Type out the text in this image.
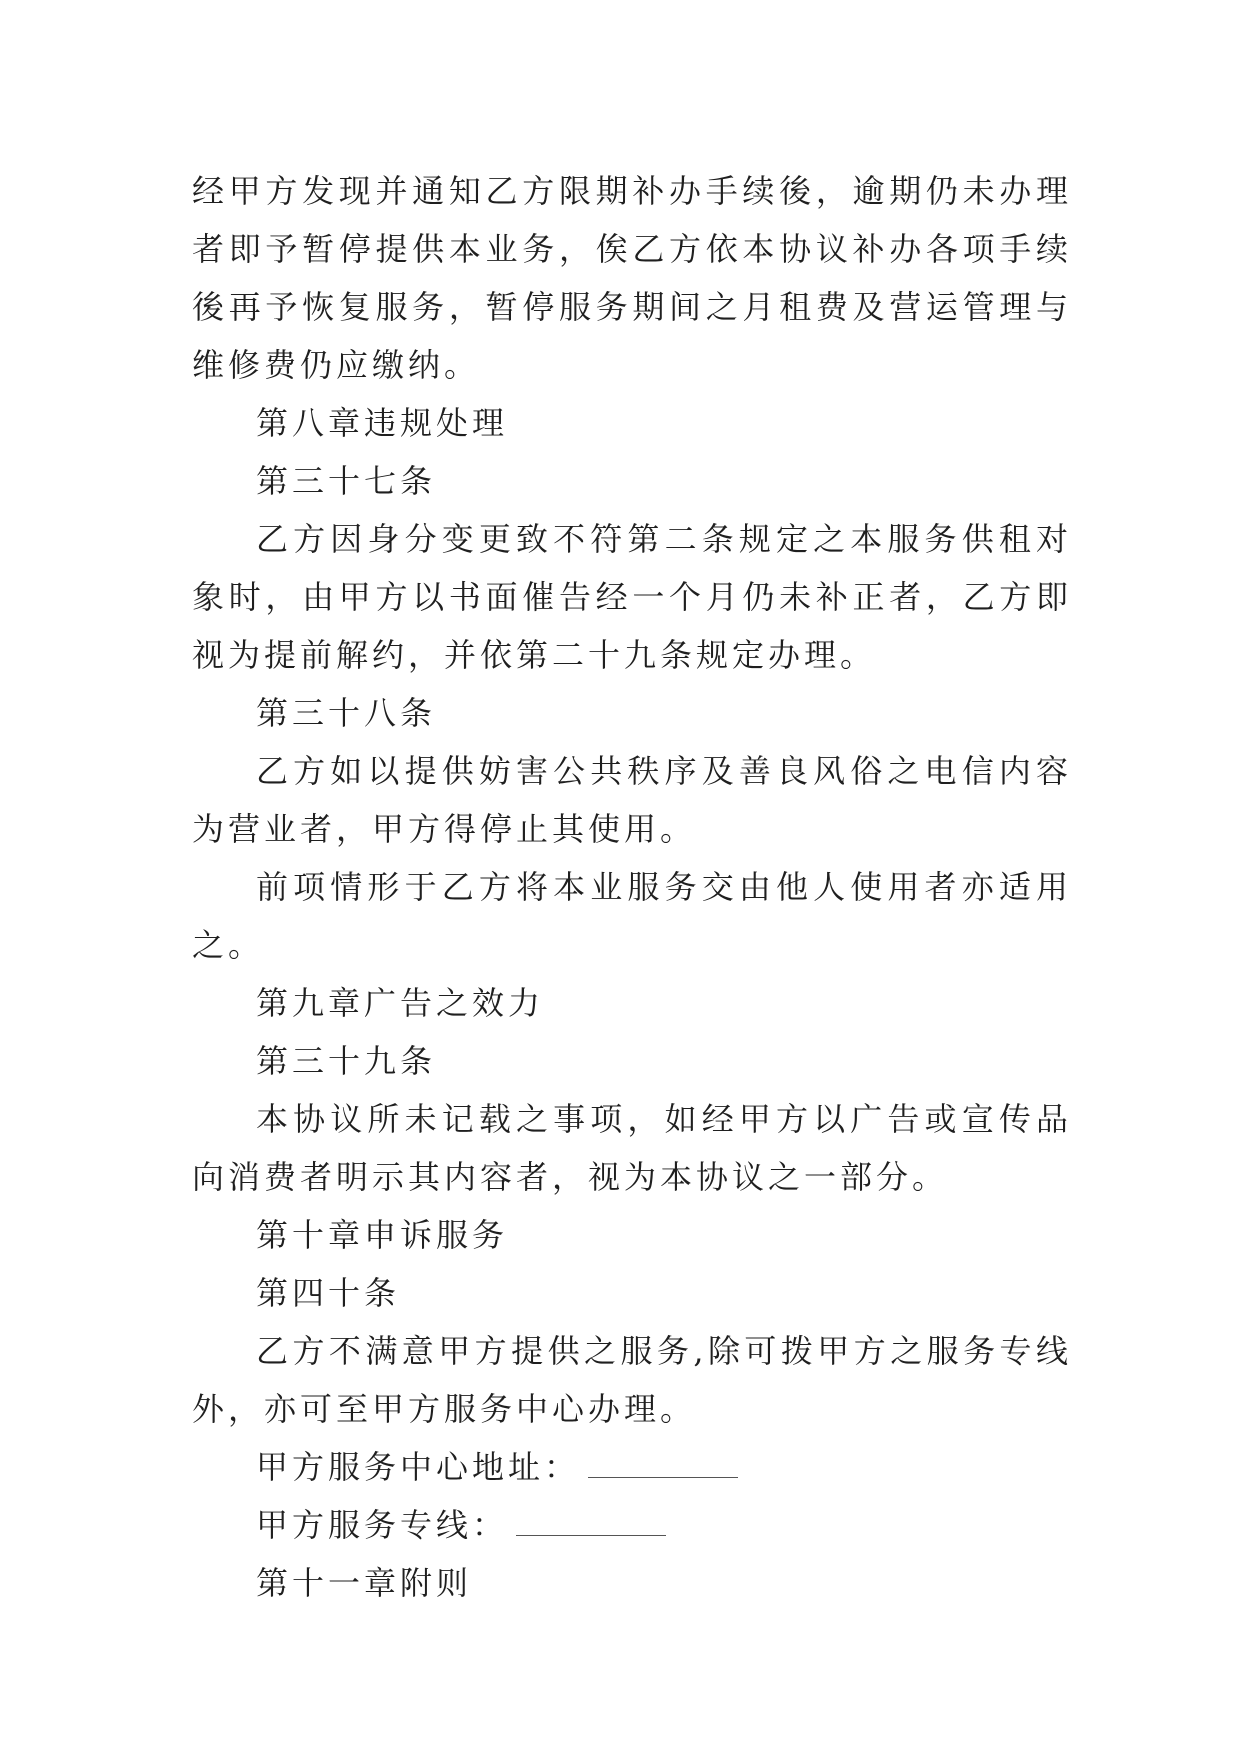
经甲方发现并通知乙方限期补办手续後，逾期仍未办理者即予暂停提供本业务，俟乙方依本协议补办各项手续後再予恢复服务，暂停服务期间之月租费及营运管理与维修费仍应缴纳。

第八章违规处理

第三十七条

乙方因身分变更致不符第二条规定之本服务供租对象时，由甲方以书面催告经一个月仍未补正者，乙方即视为提前解约，并依第二十九条规定办理。

第三十八条

乙方如以提供妨害公共秩序及善良风俗之电信内容为营业者，甲方得停止其使用。

前项情形于乙方将本业服务交由他人使用者亦适用之。

第九章广告之效力

第三十九条

本协议所未记载之事项，如经甲方以广告或宣传品向消费者明示其内容者，视为本协议之一部分。

第十章申诉服务

第四十条

乙方不满意甲方提供之服务,除可拨甲方之服务专线外，亦可至甲方服务中心办理。

甲方服务中心地址：

甲方服务专线：

第十一章附则
